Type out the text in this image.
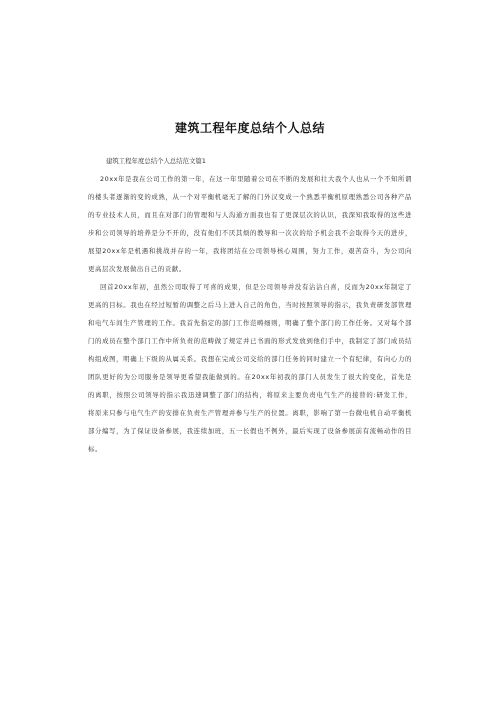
建筑工程年度总结个人总结

建筑工程年度总结个人总结范文篇1

20xx年是我在公司工作的第一年，在这一年里随着公司在不断的发展和壮大我个人也从一个不知所谓的楼头者逐渐的变的成熟，从一个对平衡机毫无了解的门外汉变成一个熟悉平衡机原理熟悉公司各种产品的专业技术人员，而且在对部门的管理和与人沟通方面我也有了更深层次的认识，我深知我取得的这些进步和公司领导的培养是分不开的，没有他们不厌其烦的教导和一次次的给予机会我不会取得今天的进步，展望20xx年是机遇和挑战并存的一年，我将团结在公司领导核心周围，努力工作，艰苦奋斗，为公司向更高层次发展做出自己的贡献。

回首20xx年初，虽然公司取得了可喜的成果，但是公司领导并没有沾沾自喜，反而为20xx年制定了更高的目标。我也在经过短暂的调整之后马上进入自己的角色，当时按照领导的指示，我负责研发部管理和电气车间生产管理的工作。我首先指定的部门工作范畴细则，明确了整个部门的工作任务。又对每个部门的成员在整个部门工作中所负责的范畴做了规定并已书面的形式发放到他们手中，我制定了部门成员结构组成图，明确上下级的从属关系。我想在完成公司交给的部门任务的同时建立一个有纪律，有向心力的团队更好的为公司服务是领导更希望我能做到的。在20xx年初我的部门人员发生了很大的变化，首先是的离职，按照公司领导的指示我迅速调整了部门的结构，将原来主要负责电气生产的接替的:研发工作，将原来只参与电气生产的安排在负责生产管理并参与生产的位置。离职，影响了第一台微电机自动平衡机部分编写，为了保证设备参展，我连续加班，五一长假也不例外，最后实现了设备参展前有流畅动作的目标。
